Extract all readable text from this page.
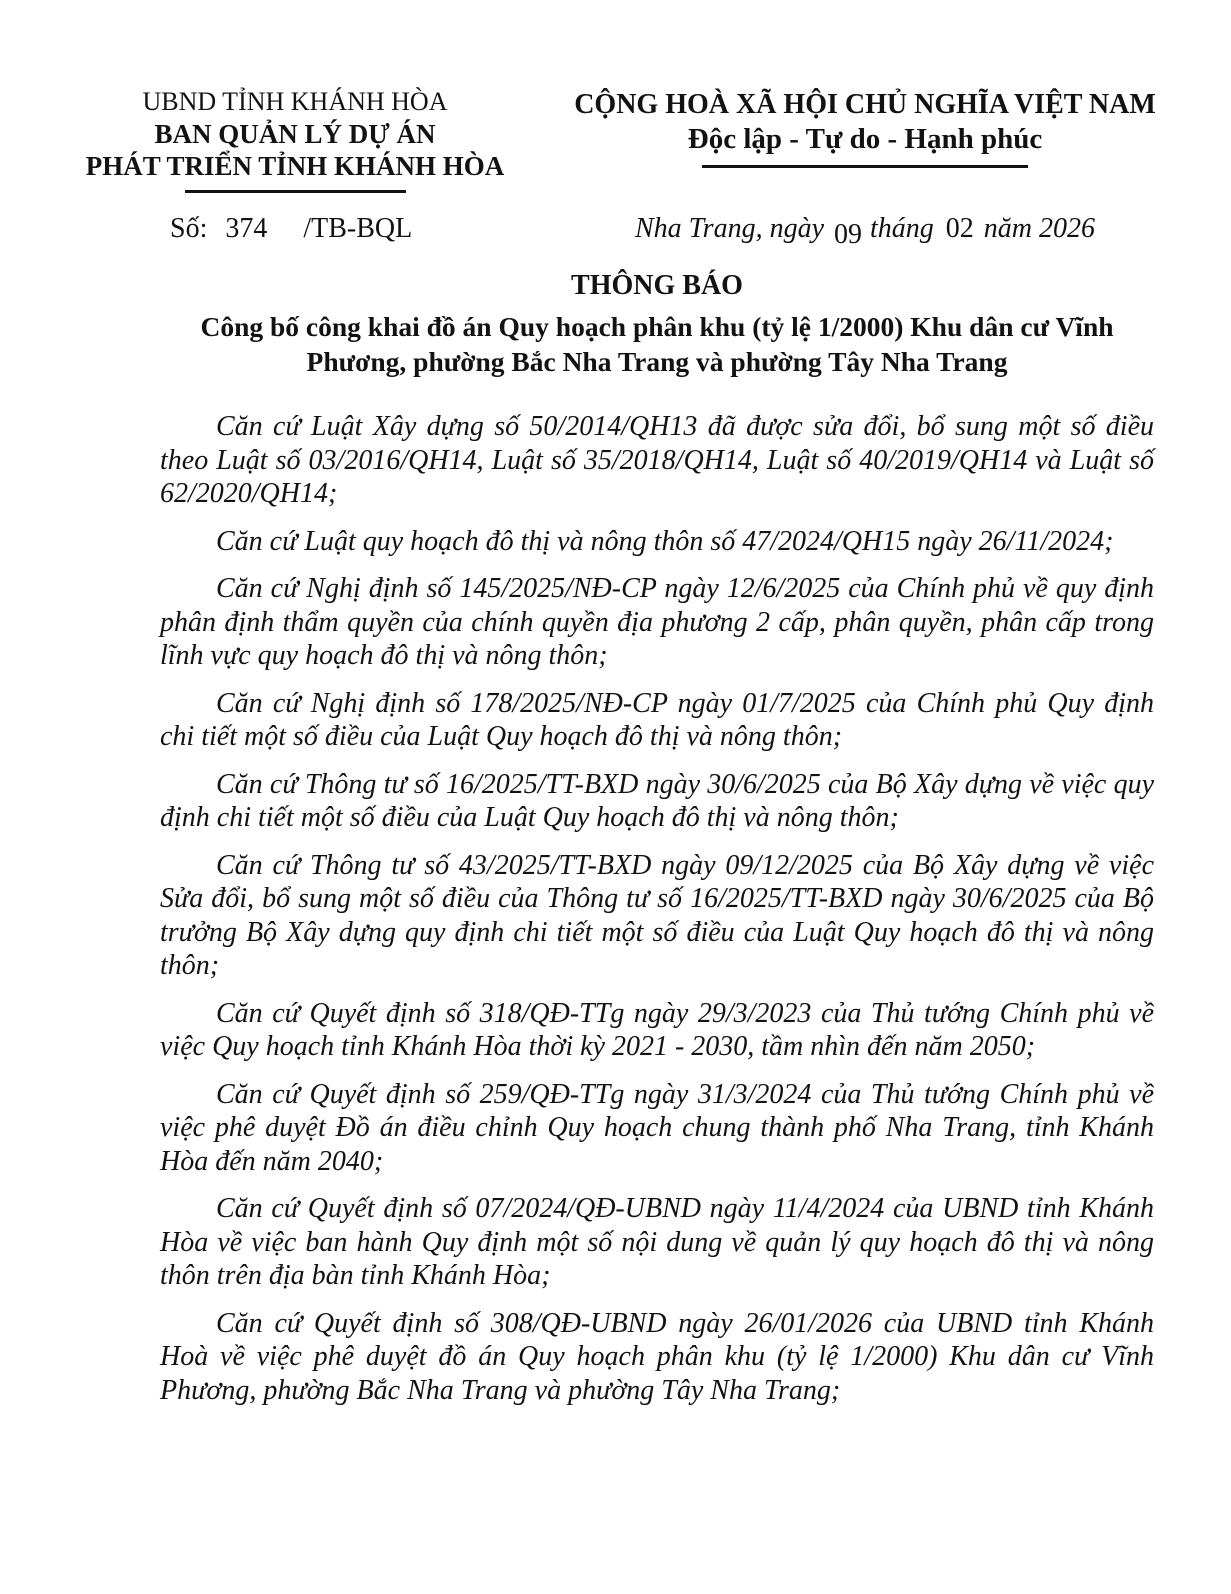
UBND TỈNH KHÁNH HÒA
BAN QUẢN LÝ DỰ ÁN
PHÁT TRIỂN TỈNH KHÁNH HÒA
CỘNG HOÀ XÃ HỘI CHỦ NGHĨA VIỆT NAM
Độc lập - Tự do - Hạnh phúc
Số: 374 /TB-BQL	Nha Trang, ngày 09 tháng 02 năm 2026
THÔNG BÁO
Công bố công khai đồ án Quy hoạch phân khu (tỷ lệ 1/2000) Khu dân cư Vĩnh Phương, phường Bắc Nha Trang và phường Tây Nha Trang

Căn cứ Luật Xây dựng số 50/2014/QH13 đã được sửa đổi, bổ sung một số điều theo Luật số 03/2016/QH14, Luật số 35/2018/QH14, Luật số 40/2019/QH14 và Luật số 62/2020/QH14;

Căn cứ Luật quy hoạch đô thị và nông thôn số 47/2024/QH15 ngày 26/11/2024;

Căn cứ Nghị định số 145/2025/NĐ-CP ngày 12/6/2025 của Chính phủ về quy định phân định thẩm quyền của chính quyền địa phương 2 cấp, phân quyền, phân cấp trong lĩnh vực quy hoạch đô thị và nông thôn;

Căn cứ Nghị định số 178/2025/NĐ-CP ngày 01/7/2025 của Chính phủ Quy định chi tiết một số điều của Luật Quy hoạch đô thị và nông thôn;

Căn cứ Thông tư số 16/2025/TT-BXD ngày 30/6/2025 của Bộ Xây dựng về việc quy định chi tiết một số điều của Luật Quy hoạch đô thị và nông thôn;

Căn cứ Thông tư số 43/2025/TT-BXD ngày 09/12/2025 của Bộ Xây dựng về việc Sửa đổi, bổ sung một số điều của Thông tư số 16/2025/TT-BXD ngày 30/6/2025 của Bộ trưởng Bộ Xây dựng quy định chi tiết một số điều của Luật Quy hoạch đô thị và nông thôn;

Căn cứ Quyết định số 318/QĐ-TTg ngày 29/3/2023 của Thủ tướng Chính phủ về việc Quy hoạch tỉnh Khánh Hòa thời kỳ 2021 - 2030, tầm nhìn đến năm 2050;

Căn cứ Quyết định số 259/QĐ-TTg ngày 31/3/2024 của Thủ tướng Chính phủ về việc phê duyệt Đồ án điều chỉnh Quy hoạch chung thành phố Nha Trang, tỉnh Khánh Hòa đến năm 2040;

Căn cứ Quyết định số 07/2024/QĐ-UBND ngày 11/4/2024 của UBND tỉnh Khánh Hòa về việc ban hành Quy định một số nội dung về quản lý quy hoạch đô thị và nông thôn trên địa bàn tỉnh Khánh Hòa;

Căn cứ Quyết định số 308/QĐ-UBND ngày 26/01/2026 của UBND tỉnh Khánh Hoà về việc phê duyệt đồ án Quy hoạch phân khu (tỷ lệ 1/2000) Khu dân cư Vĩnh Phương, phường Bắc Nha Trang và phường Tây Nha Trang;
